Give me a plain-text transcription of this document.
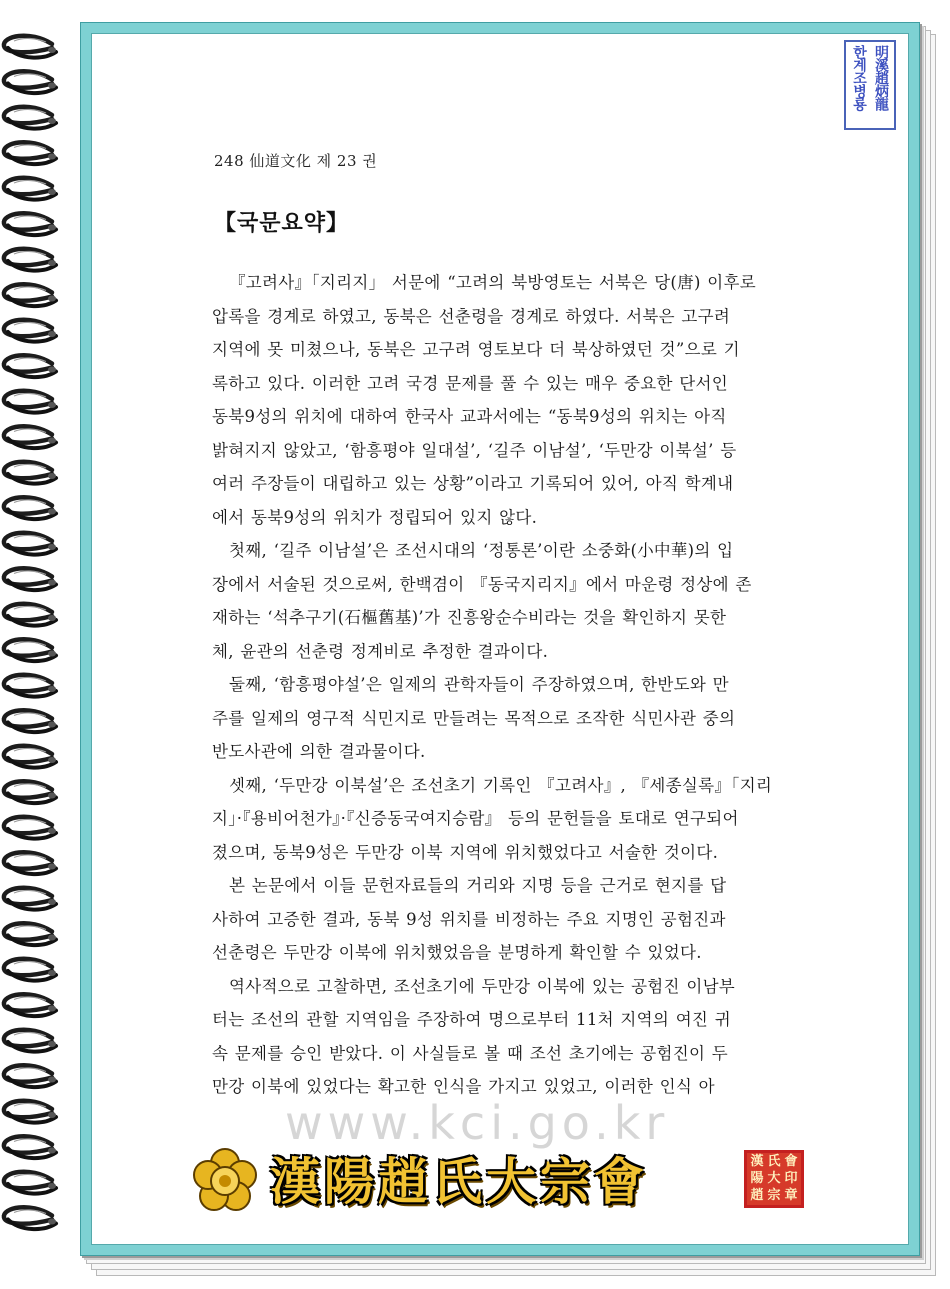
한계조병룡 明溪趙炳龍
248 仙道文化 제 23 권
【국문요약】
『고려사』「지리지」 서문에 “고려의 북방영토는 서북은 당(唐) 이후로
압록을 경계로 하였고, 동북은 선춘령을 경계로 하였다. 서북은 고구려
지역에 못 미쳤으나, 동북은 고구려 영토보다 더 북상하였던 것”으로 기
록하고 있다. 이러한 고려 국경 문제를 풀 수 있는 매우 중요한 단서인
동북9성의 위치에 대하여 한국사 교과서에는 “동북9성의 위치는 아직
밝혀지지 않았고, ‘함흥평야 일대설’, ‘길주 이남설’, ‘두만강 이북설’ 등
여러 주장들이 대립하고 있는 상황”이라고 기록되어 있어, 아직 학계내
에서 동북9성의 위치가 정립되어 있지 않다.
첫째, ‘길주 이남설’은 조선시대의 ‘정통론’이란 소중화(小中華)의 입
장에서 서술된 것으로써, 한백겸이 『동국지리지』에서 마운령 정상에 존
재하는 ‘석추구기(石樞舊基)’가 진흥왕순수비라는 것을 확인하지 못한
체, 윤관의 선춘령 정계비로 추정한 결과이다.
둘째, ‘함흥평야설’은 일제의 관학자들이 주장하였으며, 한반도와 만
주를 일제의 영구적 식민지로 만들려는 목적으로 조작한 식민사관 중의
반도사관에 의한 결과물이다.
셋째, ‘두만강 이북설’은 조선초기 기록인 『고려사』, 『세종실록』「지리
지」·『용비어천가』·『신증동국여지승람』 등의 문헌들을 토대로 연구되어
졌으며, 동북9성은 두만강 이북 지역에 위치했었다고 서술한 것이다.
본 논문에서 이들 문헌자료들의 거리와 지명 등을 근거로 현지를 답
사하여 고증한 결과, 동북 9성 위치를 비정하는 주요 지명인 공험진과
선춘령은 두만강 이북에 위치했었음을 분명하게 확인할 수 있었다.
역사적으로 고찰하면, 조선초기에 두만강 이북에 있는 공험진 이남부
터는 조선의 관할 지역임을 주장하여 명으로부터 11처 지역의 여진 귀
속 문제를 승인 받았다. 이 사실들로 볼 때 조선 초기에는 공험진이 두
만강 이북에 있었다는 확고한 인식을 가지고 있었고, 이러한 인식 아
www.kci.go.kr
漢陽趙氏大宗會	漢 氏 會
陽 大 印
趙 宗 章
